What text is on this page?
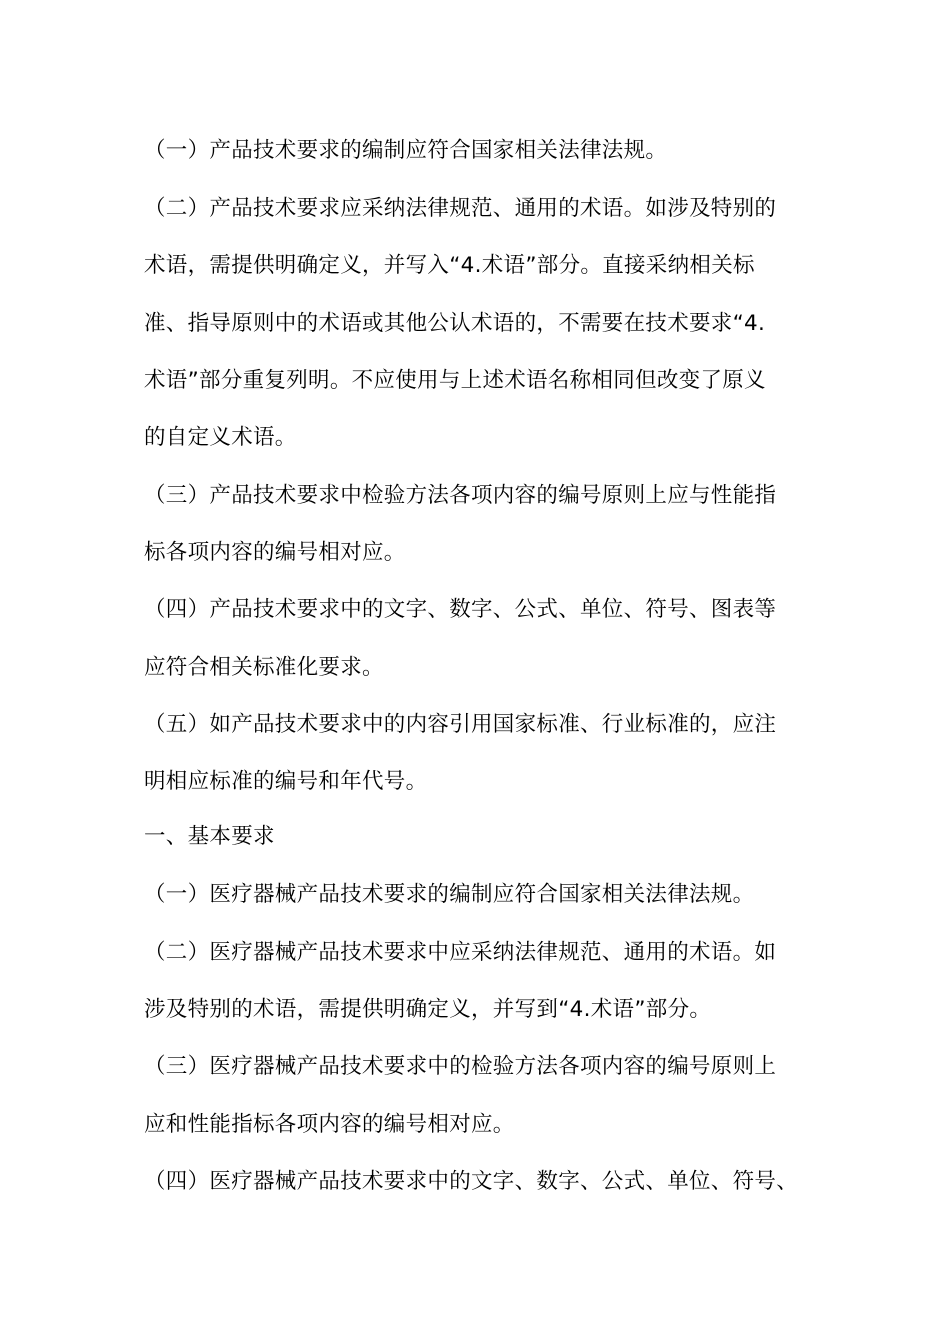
（一）产品技术要求的编制应符合国家相关法律法规。
（二）产品技术要求应采纳法律规范、通用的术语。如涉及特别的
术语，需提供明确定义，并写入“4.术语”部分。直接采纳相关标
准、指导原则中的术语或其他公认术语的，不需要在技术要求“4.
术语”部分重复列明。不应使用与上述术语名称相同但改变了原义
的自定义术语。
（三）产品技术要求中检验方法各项内容的编号原则上应与性能指
标各项内容的编号相对应。
（四）产品技术要求中的文字、数字、公式、单位、符号、图表等
应符合相关标准化要求。
（五）如产品技术要求中的内容引用国家标准、行业标准的，应注
明相应标准的编号和年代号。
一、基本要求
（一）医疗器械产品技术要求的编制应符合国家相关法律法规。
（二）医疗器械产品技术要求中应采纳法律规范、通用的术语。如
涉及特别的术语，需提供明确定义，并写到“4.术语”部分。
（三）医疗器械产品技术要求中的检验方法各项内容的编号原则上
应和性能指标各项内容的编号相对应。
（四）医疗器械产品技术要求中的文字、数字、公式、单位、符号、
